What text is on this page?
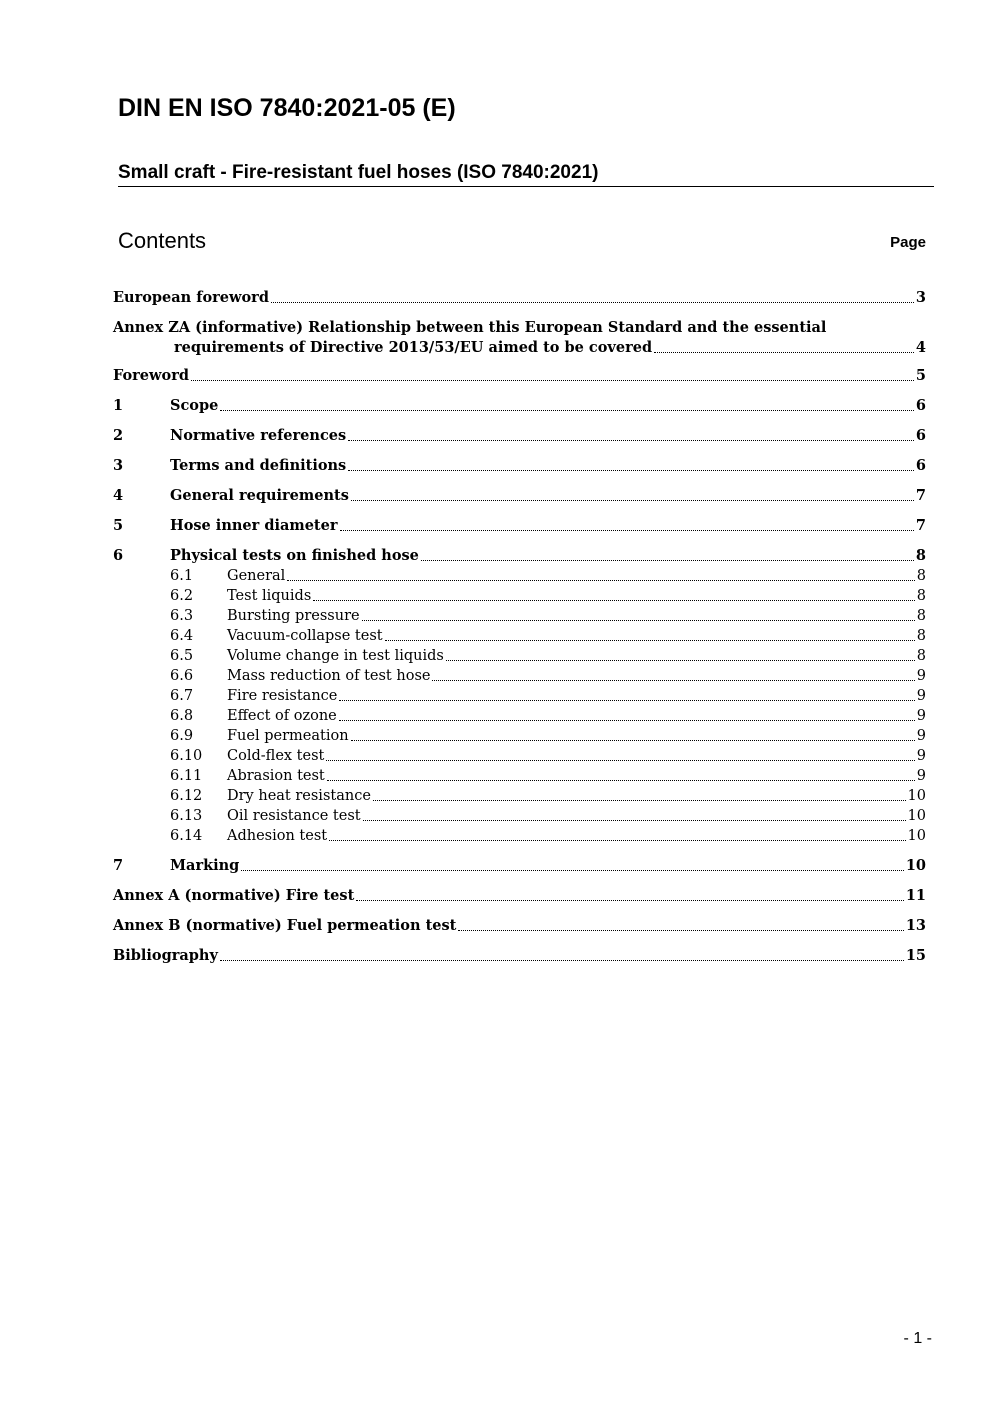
DIN EN ISO 7840:2021-05 (E)
Small craft - Fire-resistant fuel hoses (ISO 7840:2021)
Contents	Page
European foreword	3
Annex ZA (informative) Relationship between this European Standard and the essential
requirements of Directive 2013/53/EU aimed to be covered	4
Foreword	5
1	Scope	6
2	Normative references	6
3	Terms and definitions	6
4	General requirements	7
5	Hose inner diameter	7
6	Physical tests on finished hose	8
6.1	General	8
6.2	Test liquids	8
6.3	Bursting pressure	8
6.4	Vacuum-collapse test	8
6.5	Volume change in test liquids	8
6.6	Mass reduction of test hose	9
6.7	Fire resistance	9
6.8	Effect of ozone	9
6.9	Fuel permeation	9
6.10	Cold-flex test	9
6.11	Abrasion test	9
6.12	Dry heat resistance	10
6.13	Oil resistance test	10
6.14	Adhesion test	10
7	Marking	10
Annex A (normative) Fire test	11
Annex B (normative) Fuel permeation test	13
Bibliography	15
- 1 -
